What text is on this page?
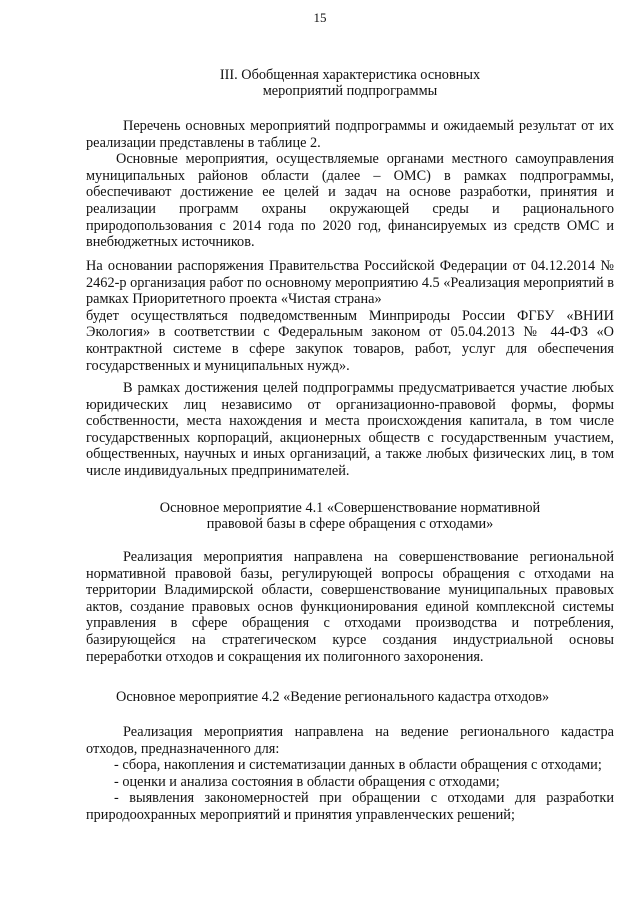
15
III. Обобщенная характеристика основных
мероприятий подпрограммы

Перечень основных мероприятий подпрограммы и ожидаемый результат от их реализации представлены в таблице 2.

Основные мероприятия, осуществляемые органами местного самоуправления муниципальных районов области (далее – ОМС) в рамках подпрограммы, обеспечивают достижение ее целей и задач на основе разработки, принятия и реализации программ охраны окружающей среды и рационального природопользования с 2014 года по 2020 год, финансируемых из средств ОМС и внебюджетных источников.

На основании распоряжения Правительства Российской Федерации от 04.12.2014 № 2462-р организация работ по основному мероприятию 4.5 «Реализация мероприятий в рамках Приоритетного проекта «Чистая страна»

будет осуществляться подведомственным Минприроды России ФГБУ «ВНИИ Экология» в соответствии с Федеральным законом от 05.04.2013 № 44-ФЗ «О контрактной системе в сфере закупок товаров, работ, услуг для обеспечения государственных и муниципальных нужд».

В рамках достижения целей подпрограммы предусматривается участие любых юридических лиц независимо от организационно-правовой формы, формы собственности, места нахождения и места происхождения капитала, в том числе государственных корпораций, акционерных обществ с государственным участием, общественных, научных и иных организаций, а также любых физических лиц, в том числе индивидуальных предпринимателей.

Основное мероприятие 4.1 «Совершенствование нормативной
правовой базы в сфере обращения с отходами»

Реализация мероприятия направлена на совершенствование региональной нормативной правовой базы, регулирующей вопросы обращения с отходами на территории Владимирской области, совершенствование муниципальных правовых актов, создание правовых основ функционирования единой комплексной системы управления в сфере обращения с отходами производства и потребления, базирующейся на стратегическом курсе создания индустриальной основы переработки отходов и сокращения их полигонного захоронения.

Основное мероприятие 4.2 «Ведение регионального кадастра отходов»

Реализация мероприятия направлена на ведение регионального кадастра отходов, предназначенного для:

- сбора, накопления и систематизации данных в области обращения с отходами;

- оценки и анализа состояния в области обращения с отходами;

- выявления закономерностей при обращении с отходами для разработки природоохранных мероприятий и принятия управленческих решений;
